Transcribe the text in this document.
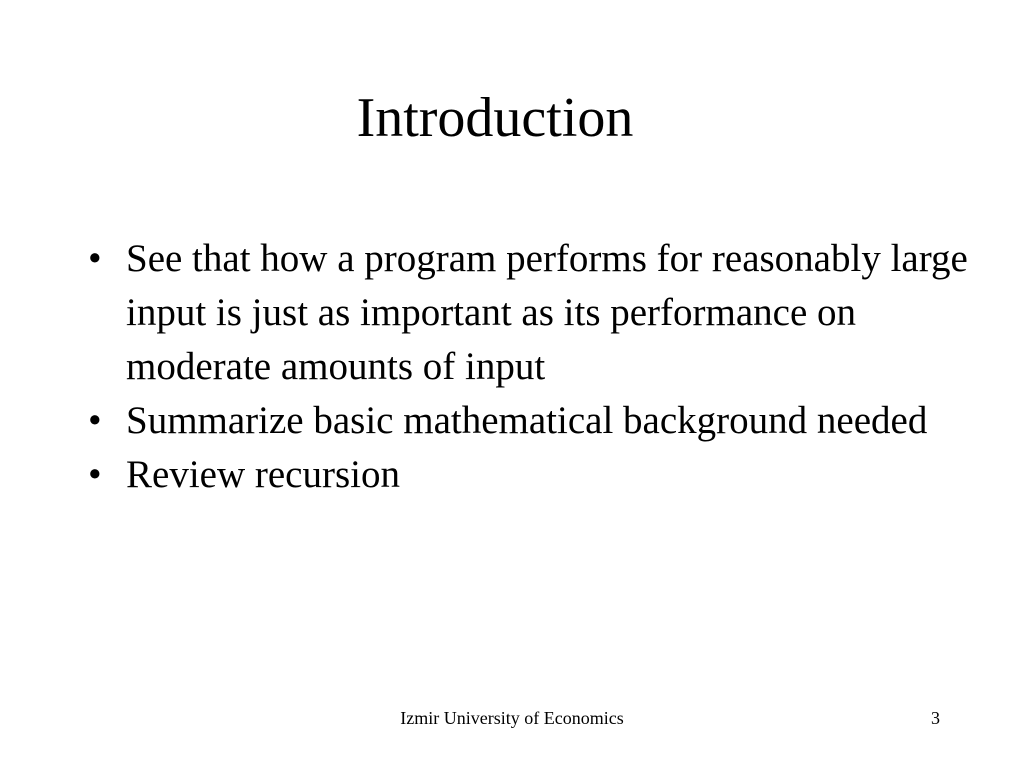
Introduction
• See that how a program performs for reasonably large input is just as important as its performance on moderate amounts of input
• Summarize basic mathematical background needed
• Review recursion
Izmir University of Economics	3
